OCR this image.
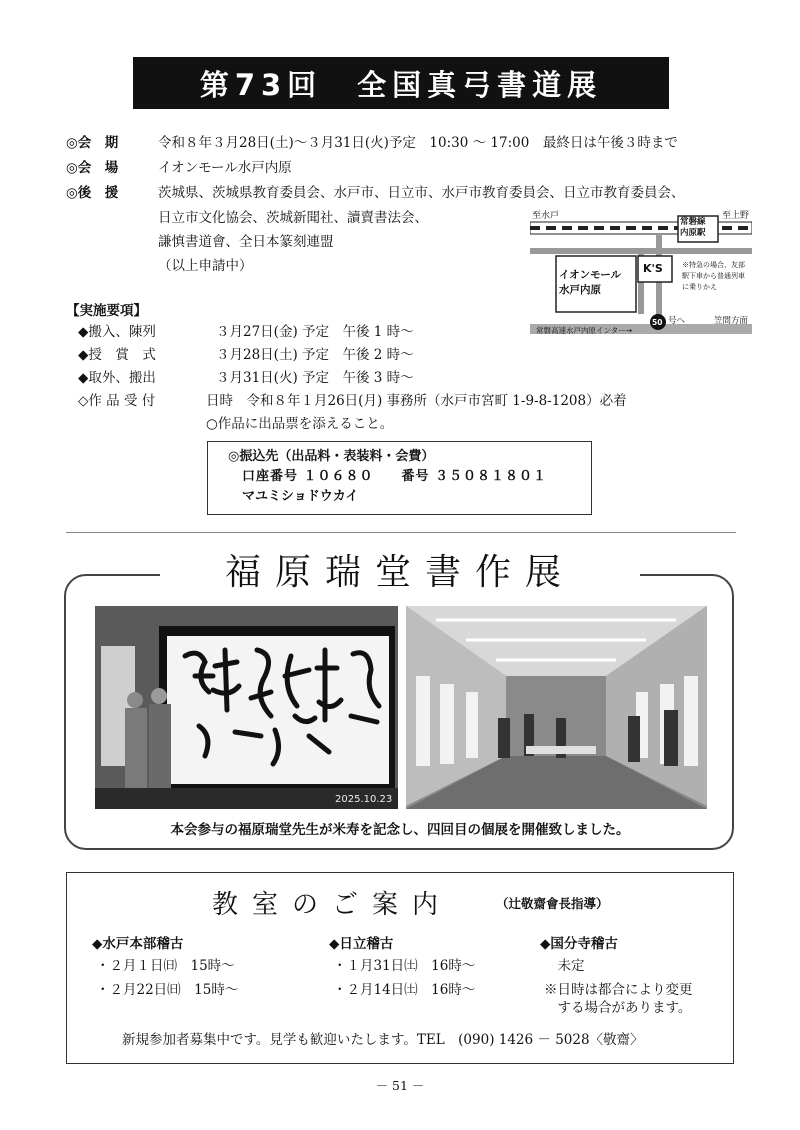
第73回　全国真弓書道展
◎会　期	令和８年３月28日(土)～３月31日(火)予定　10:30 ～ 17:00　最終日は午後３時まで
◎会　場	イオンモール水戸内原
◎後　援	茨城県、茨城県教育委員会、水戸市、日立市、水戸市教育委員会、日立市教育委員会、
日立市文化協会、茨城新聞社、讀賣書法会、
謙慎書道會、全日本篆刻連盟
（以上申請中）
至水戸	至上野
常磐線
内原駅
イオンモール
水戸内原
K'S	※特急の場合、友部駅下車から普通列車に乗りかえ
50 号へ	笠間方面
常磐高速水戸内原インター→
【実施要項】
◆搬入、陳列	３月27日(金) 予定　午後 1 時～
◆授　賞　式	３月28日(土) 予定　午後 2 時～
◆取外、搬出	３月31日(火) 予定　午後 3 時～
◇作 品 受 付	日時　令和８年１月26日(月) 事務所（水戸市宮町 1-9-8-1208）必着
○作品に出品票を添えること。
◎振込先（出品料・表装料・会費）
口座番号 １０６８０　　番号 ３５０８１８０１
マユミショドウカイ
福原瑞堂書作展
2025.10.23
本会参与の福原瑞堂先生が米寿を記念し、四回目の個展を開催致しました。
教室のご案内	（辻敬齋會長指導）
◆水戸本部稽古
・２月１日㈰　15時～
・２月22日㈰　15時～
◆日立稽古
・１月31日㈯　16時～
・２月14日㈯　16時～
◆国分寺稽古
　未定
※日時は都合により変更
　する場合があります。
新規参加者募集中です。見学も歓迎いたします。TEL　(090) 1426 － 5028〈敬齋〉
－ 51 －
